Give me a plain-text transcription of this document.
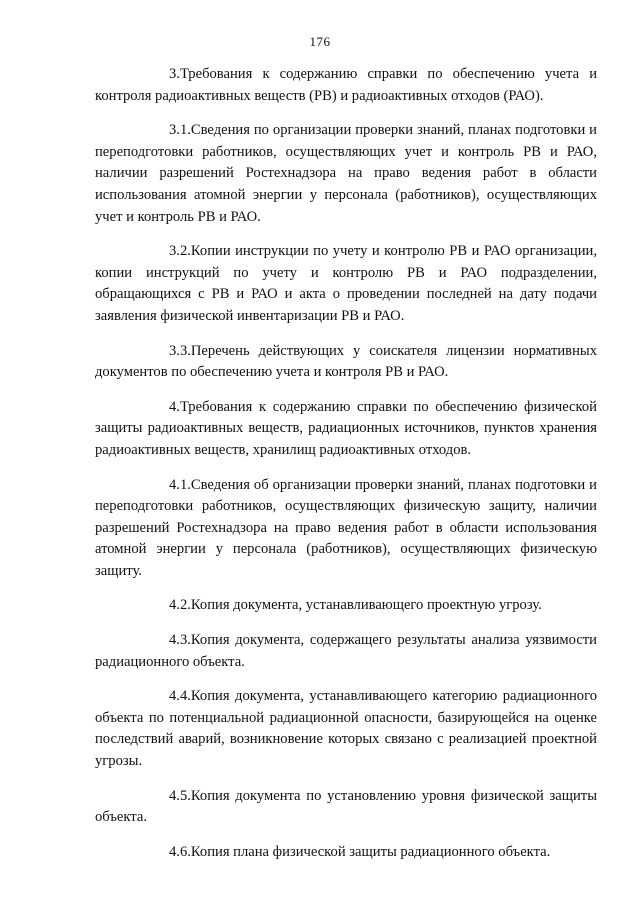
176

3.Требования к содержанию справки по обеспечению учета и контроля радиоактивных веществ (РВ) и радиоактивных отходов (РАО).

3.1.Сведения по организации проверки знаний, планах подготовки и переподготовки работников, осуществляющих учет и контроль РВ и РАО, наличии разрешений Ростехнадзора на право ведения работ в области использования атомной энергии у персонала (работников), осуществляющих учет и контроль РВ и РАО.

3.2.Копии инструкции по учету и контролю РВ и РАО организации, копии инструкций по учету и контролю РВ и РАО подразделении, обращающихся с РВ и РАО и акта о проведении последней на дату подачи заявления физической инвентаризации РВ и РАО.

3.3.Перечень действующих у соискателя лицензии нормативных документов по обеспечению учета и контроля РВ и РАО.

4.Требования к содержанию справки по обеспечению физической защиты радиоактивных веществ, радиационных источников, пунктов хранения радиоактивных веществ, хранилищ радиоактивных отходов.

4.1.Сведения об организации проверки знаний, планах подготовки и переподготовки работников, осуществляющих физическую защиту, наличии разрешений Ростехнадзора на право ведения работ в области использования атомной энергии у персонала (работников), осуществляющих физическую защиту.

4.2.Копия документа, устанавливающего проектную угрозу.

4.3.Копия документа, содержащего результаты анализа уязвимости радиационного объекта.

4.4.Копия документа, устанавливающего категорию радиационного объекта по потенциальной радиационной опасности, базирующейся на оценке последствий аварий, возникновение которых связано с реализацией проектной угрозы.

4.5.Копия документа по установлению уровня физической защиты объекта.

4.6.Копия плана физической защиты радиационного объекта.
